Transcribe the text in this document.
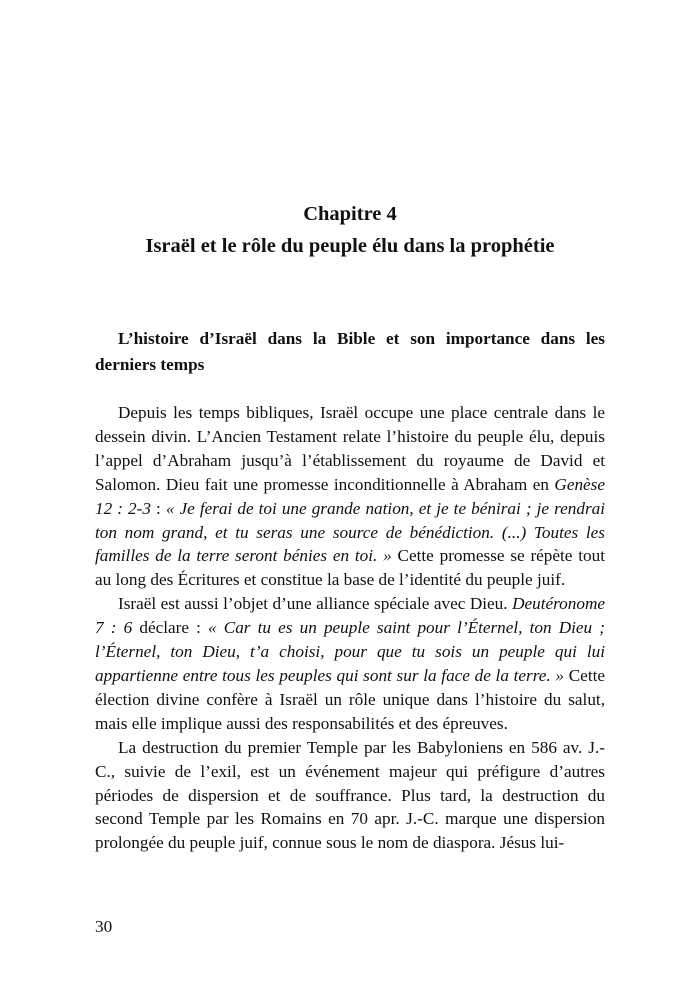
Chapitre 4
Israël et le rôle du peuple élu dans la prophétie
L’histoire d’Israël dans la Bible et son importance dans les derniers temps

Depuis les temps bibliques, Israël occupe une place centrale dans le dessein divin. L’Ancien Testament relate l’histoire du peuple élu, depuis l’appel d’Abraham jusqu’à l’établissement du royaume de David et Salomon. Dieu fait une promesse inconditionnelle à Abraham en Genèse 12 : 2-3 : « Je ferai de toi une grande nation, et je te bénirai ; je rendrai ton nom grand, et tu seras une source de bénédiction. (...) Toutes les familles de la terre seront bénies en toi. » Cette promesse se répète tout au long des Écritures et constitue la base de l’identité du peuple juif.

Israël est aussi l’objet d’une alliance spéciale avec Dieu. Deutéronome 7 : 6 déclare : « Car tu es un peuple saint pour l’Éternel, ton Dieu ; l’Éternel, ton Dieu, t’a choisi, pour que tu sois un peuple qui lui appartienne entre tous les peuples qui sont sur la face de la terre. » Cette élection divine confère à Israël un rôle unique dans l’histoire du salut, mais elle implique aussi des responsabilités et des épreuves.

La destruction du premier Temple par les Babyloniens en 586 av. J.-C., suivie de l’exil, est un événement majeur qui préfigure d’autres périodes de dispersion et de souffrance. Plus tard, la destruction du second Temple par les Romains en 70 apr. J.-C. marque une dispersion prolongée du peuple juif, connue sous le nom de diaspora. Jésus lui-

30
